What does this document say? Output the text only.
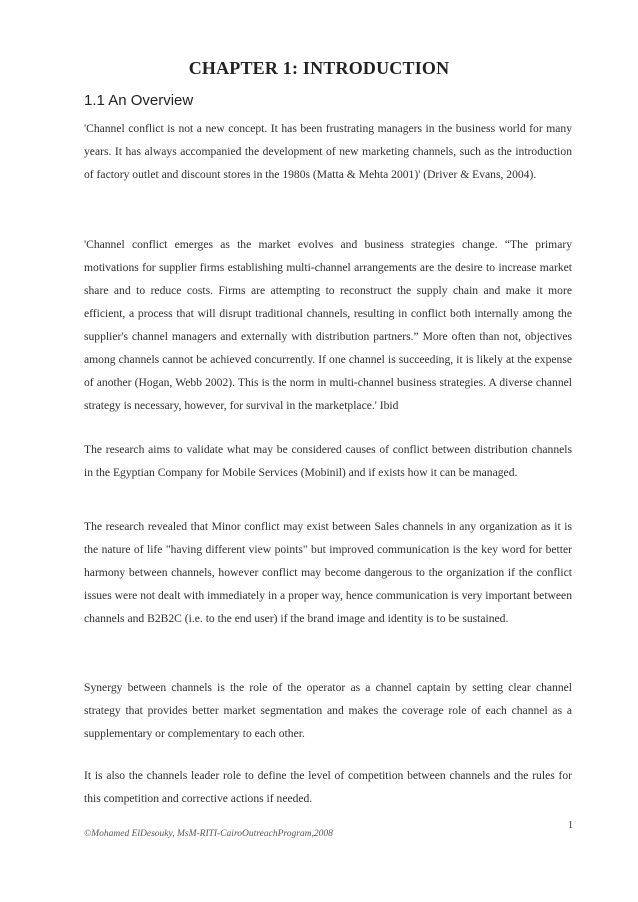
CHAPTER 1: INTRODUCTION
1.1 An Overview

'Channel conflict is not a new concept. It has been frustrating managers in the business world for many years. It has always accompanied the development of new marketing channels, such as the introduction of factory outlet and discount stores in the 1980s (Matta & Mehta 2001)' (Driver & Evans, 2004).

'Channel conflict emerges as the market evolves and business strategies change. “The primary motivations for supplier firms establishing multi-channel arrangements are the desire to increase market share and to reduce costs. Firms are attempting to reconstruct the supply chain and make it more efficient, a process that will disrupt traditional channels, resulting in conflict both internally among the supplier's channel managers and externally with distribution partners.” More often than not, objectives among channels cannot be achieved concurrently. If one channel is succeeding, it is likely at the expense of another (Hogan, Webb 2002). This is the norm in multi-channel business strategies. A diverse channel strategy is necessary, however, for survival in the marketplace.' Ibid

The research aims to validate what may be considered causes of conflict between distribution channels in the Egyptian Company for Mobile Services (Mobinil) and if exists how it can be managed.

The research revealed that Minor conflict may exist between Sales channels in any organization as it is the nature of life "having different view points" but improved communication is the key word for better harmony between channels, however conflict may become dangerous to the organization if the conflict issues were not dealt with immediately in a proper way, hence communication is very important between channels and B2B2C (i.e. to the end user) if the brand image and identity is to be sustained.

Synergy between channels is the role of the operator as a channel captain by setting clear channel strategy that provides better market segmentation and makes the coverage role of each channel as a supplementary or complementary to each other.

It is also the channels leader role to define the level of competition between channels and the rules for this competition and corrective actions if needed.

©Mohamed ElDesouky, MsM-RITI-CairoOutreachProgram,2008
1
